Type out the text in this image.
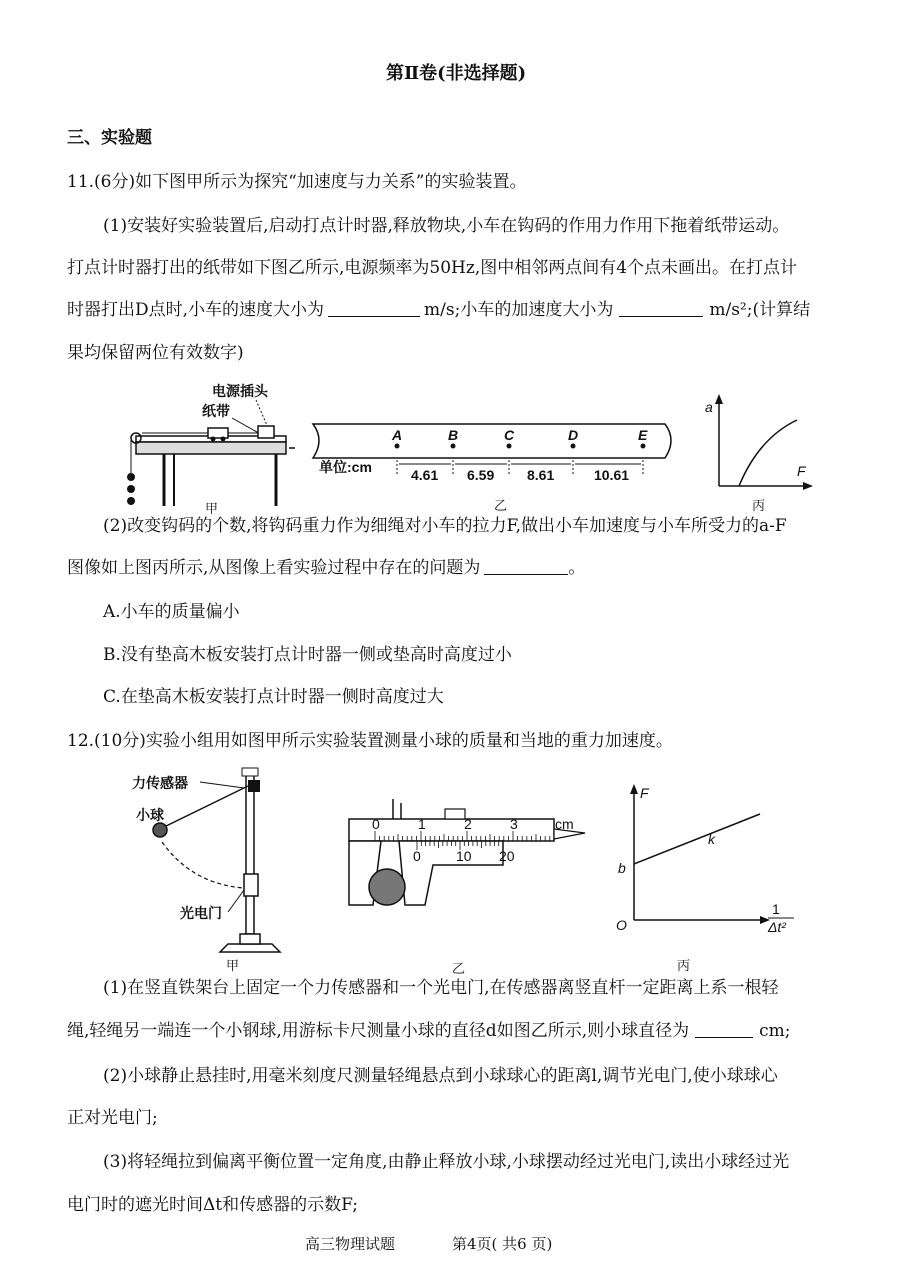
第Ⅱ卷(非选择题)
三、实验题
11.(6分)如下图甲所示为探究“加速度与力关系”的实验装置。
(1)安装好实验装置后,启动打点计时器,释放物块,小车在钩码的作用力作用下拖着纸带运动。
打点计时器打出的纸带如下图乙所示,电源频率为50Hz,图中相邻两点间有4个点未画出。在打点计
时器打出D点时,小车的速度大小为	m/s;小车的加速度大小为	m/s²;(计算结
果均保留两位有效数字)
电源插头
纸带
甲
A	B	C	D	E
单位:cm	4.61 6.59 8.61	10.61
乙
a
F
丙
(2)改变钩码的个数,将钩码重力作为细绳对小车的拉力F,做出小车加速度与小车所受力的a-F
图像如上图丙所示,从图像上看实验过程中存在的问题为	。
A.小车的质量偏小
B.没有垫高木板安装打点计时器一侧或垫高时高度过小
C.在垫高木板安装打点计时器一侧时高度过大
12.(10分)实验小组用如图甲所示实验装置测量小球的质量和当地的重力加速度。
力传感器
小球
光电门
甲
0	1	2	3	cm
0	10 20
乙
F
1
Δt²
b
O
k
丙
(1)在竖直铁架台上固定一个力传感器和一个光电门,在传感器离竖直杆一定距离上系一根轻
绳,轻绳另一端连一个小钢球,用游标卡尺测量小球的直径d如图乙所示,则小球直径为	cm;
(2)小球静止悬挂时,用毫米刻度尺测量轻绳悬点到小球球心的距离l,调节光电门,使小球球心
正对光电门;
(3)将轻绳拉到偏离平衡位置一定角度,由静止释放小球,小球摆动经过光电门,读出小球经过光
电门时的遮光时间Δt和传感器的示数F;
高三物理试题	第4页( 共6 页)
